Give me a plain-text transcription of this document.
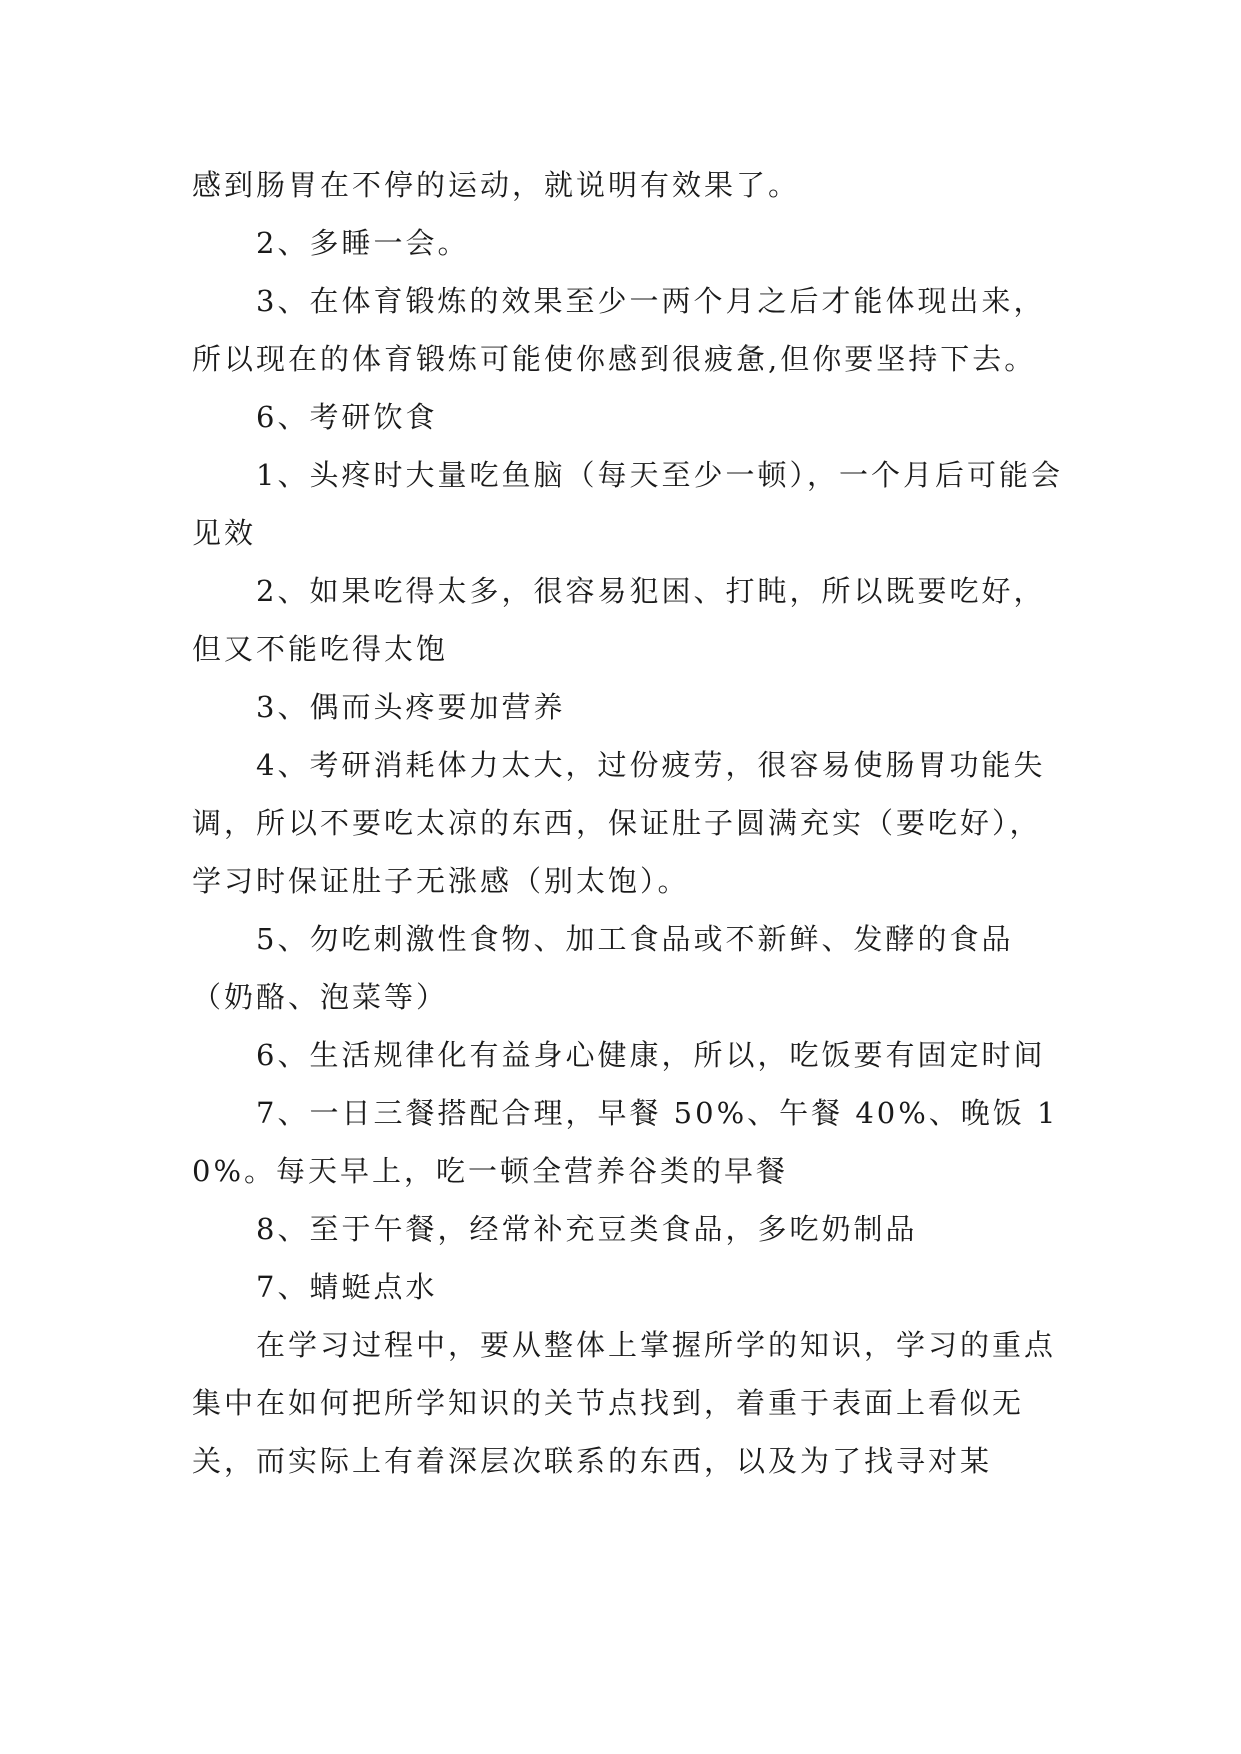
感到肠胃在不停的运动，就说明有效果了。

2、多睡一会。

3、在体育锻炼的效果至少一两个月之后才能体现出来，所以现在的体育锻炼可能使你感到很疲惫,但你要坚持下去。

6、考研饮食

1、头疼时大量吃鱼脑（每天至少一顿），一个月后可能会见效

2、如果吃得太多，很容易犯困、打盹，所以既要吃好，但又不能吃得太饱

3、偶而头疼要加营养

4、考研消耗体力太大，过份疲劳，很容易使肠胃功能失调，所以不要吃太凉的东西，保证肚子圆满充实（要吃好），学习时保证肚子无涨感（别太饱）。

5、勿吃刺激性食物、加工食品或不新鲜、发酵的食品（奶酪、泡菜等）

6、生活规律化有益身心健康，所以，吃饭要有固定时间

7、一日三餐搭配合理，早餐 50%、午餐 40%、晚饭 10%。每天早上，吃一顿全营养谷类的早餐

8、至于午餐，经常补充豆类食品，多吃奶制品

7、蜻蜓点水

在学习过程中，要从整体上掌握所学的知识，学习的重点集中在如何把所学知识的关节点找到，着重于表面上看似无关，而实际上有着深层次联系的东西，以及为了找寻对某
